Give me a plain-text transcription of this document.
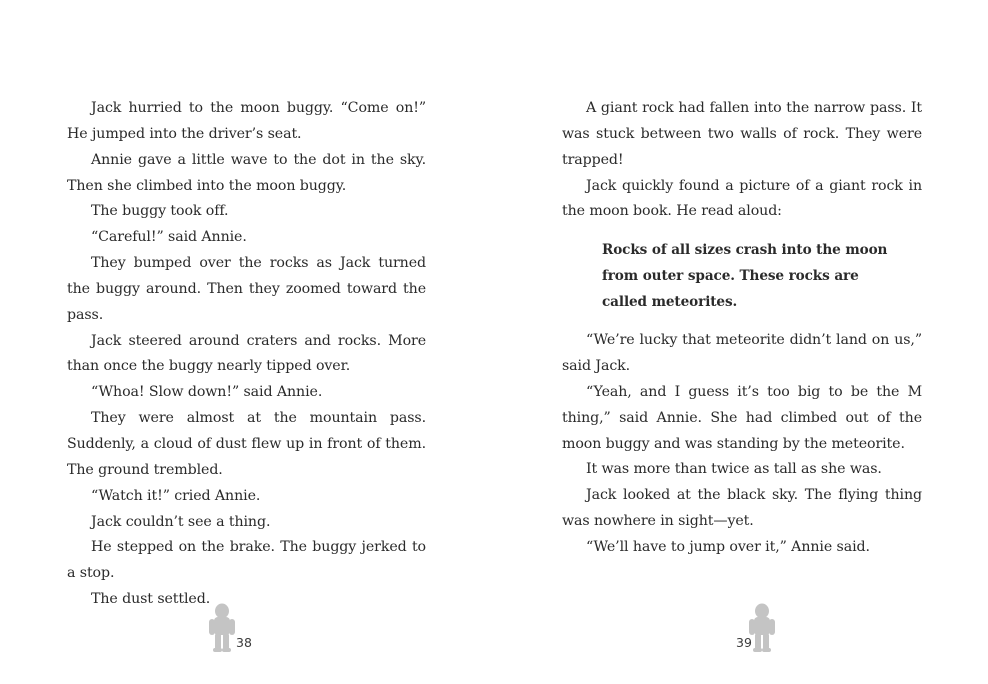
Jack hurried to the moon buggy. “Come on!” He jumped into the driver’s seat.

Annie gave a little wave to the dot in the sky. Then she climbed into the moon buggy.

The buggy took off.

“Careful!” said Annie.

They bumped over the rocks as Jack turned the buggy around. Then they zoomed toward the pass.

Jack steered around craters and rocks. More than once the buggy nearly tipped over.

“Whoa! Slow down!” said Annie.

They were almost at the mountain pass. Suddenly, a cloud of dust flew up in front of them. The ground trembled.

“Watch it!” cried Annie.

Jack couldn’t see a thing.

He stepped on the brake. The buggy jerked to a stop.

The dust settled.

38

A giant rock had fallen into the narrow pass. It was stuck between two walls of rock. They were trapped!

Jack quickly found a picture of a giant rock in the moon book. He read aloud:

Rocks of all sizes crash into the moon
from outer space. These rocks are
called meteorites.

“We’re lucky that meteorite didn’t land on us,” said Jack.

“Yeah, and I guess it’s too big to be the M thing,” said Annie. She had climbed out of the moon buggy and was standing by the meteorite.

It was more than twice as tall as she was.

Jack looked at the black sky. The flying thing was nowhere in sight—yet.

“We’ll have to jump over it,” Annie said.

39
